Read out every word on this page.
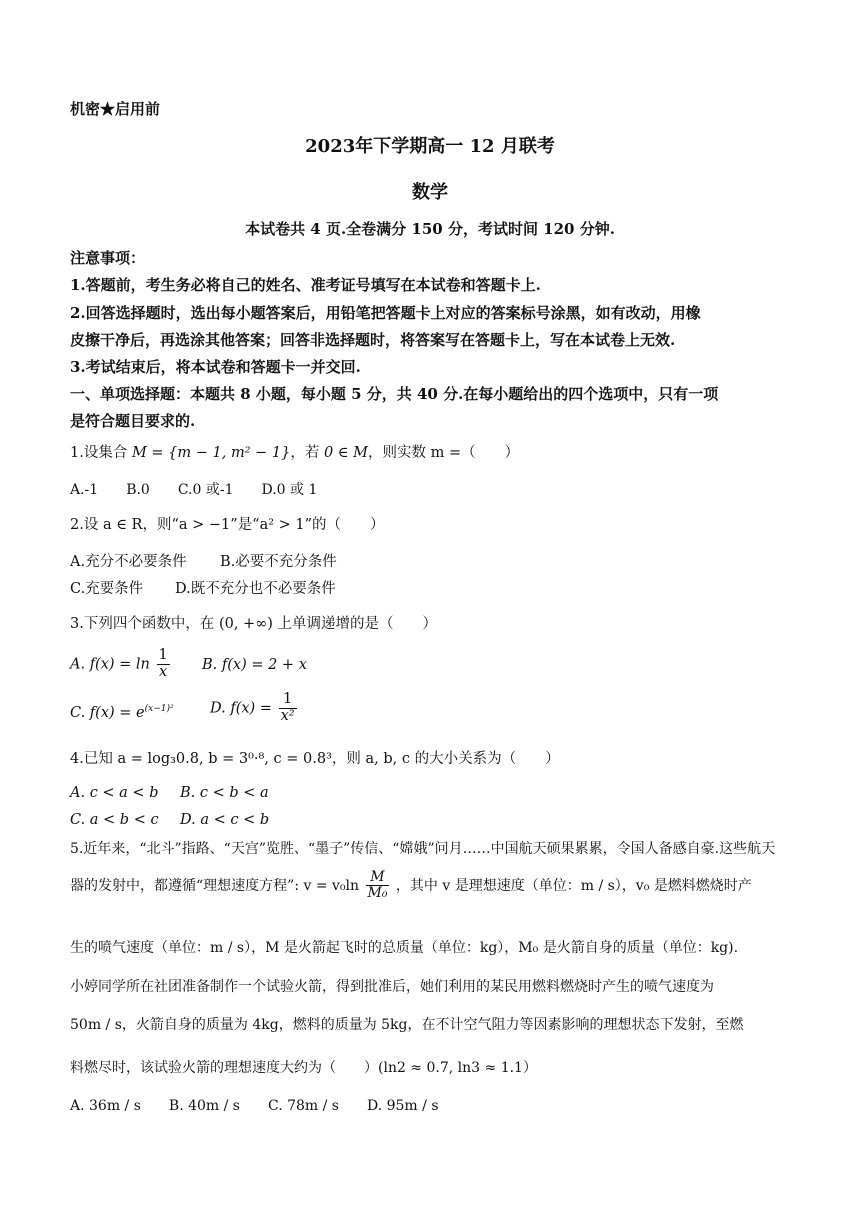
机密★启用前
2023年下学期高一 12 月联考
数学
本试卷共 4 页.全卷满分 150 分，考试时间 120 分钟.
注意事项：
1.答题前，考生务必将自己的姓名、准考证号填写在本试卷和答题卡上.
2.回答选择题时，选出每小题答案后，用铅笔把答题卡上对应的答案标号涂黑，如有改动，用橡
皮擦干净后，再选涂其他答案；回答非选择题时，将答案写在答题卡上，写在本试卷上无效.
3.考试结束后，将本试卷和答题卡一并交回.
一、单项选择题：本题共 8 小题，每小题 5 分，共 40 分.在每小题给出的四个选项中，只有一项
是符合题目要求的.
1.设集合 M = {m − 1, m² − 1}，若 0 ∈ M，则实数 m =（　　）
A.-1　　B.0　　C.0 或-1　　D.0 或 1
2.设 a ∈ R，则“a > −1”是“a² > 1”的（　　）
A.充分不必要条件 B.必要不充分条件
C.充要条件 D.既不充分也不必要条件
3.下列四个函数中，在 (0, +∞) 上单调递增的是（　　）
A. $f(x) = \ln \frac{1}{x} B$. f(x) = 2 + x
C. $f(x) = e^{(x-1)^2}$	D. $f(x) = \frac{1}{\text{x²}}$
4.已知 a = log₃0.8, b = 3⁰·⁸, c = 0.8³，则 a, b, c 的大小关系为（　　）
A. c < a < b B. c < b < a
C. a < b < c D. a < c < b
5.近年来，“北斗”指路、“天宫”览胜、“墨子”传信、“嫦娥”问月……中国航天硕果累累，令国人备感自豪.这些航天
器的发射中，都遵循“理想速度方程”: $v = v_0\ln \frac{M}{\text{M₀}}$ ，其中 v 是理想速度（单位：m / s），v₀ 是燃料燃烧时产
生的喷气速度（单位：m / s），M 是火箭起飞时的总质量（单位：kg），M₀ 是火箭自身的质量（单位：kg).
小婷同学所在社团准备制作一个试验火箭，得到批准后，她们利用的某民用燃料燃烧时产生的喷气速度为
50m / s，火箭自身的质量为 4kg，燃料的质量为 5kg，在不计空气阻力等因素影响的理想状态下发射，至燃
料燃尽时，该试验火箭的理想速度大约为（　　）(ln2 ≈ 0.7, ln3 ≈ 1.1）
A. 36m / s　　B. 40m / s　　C. 78m / s　　D. 95m / s
